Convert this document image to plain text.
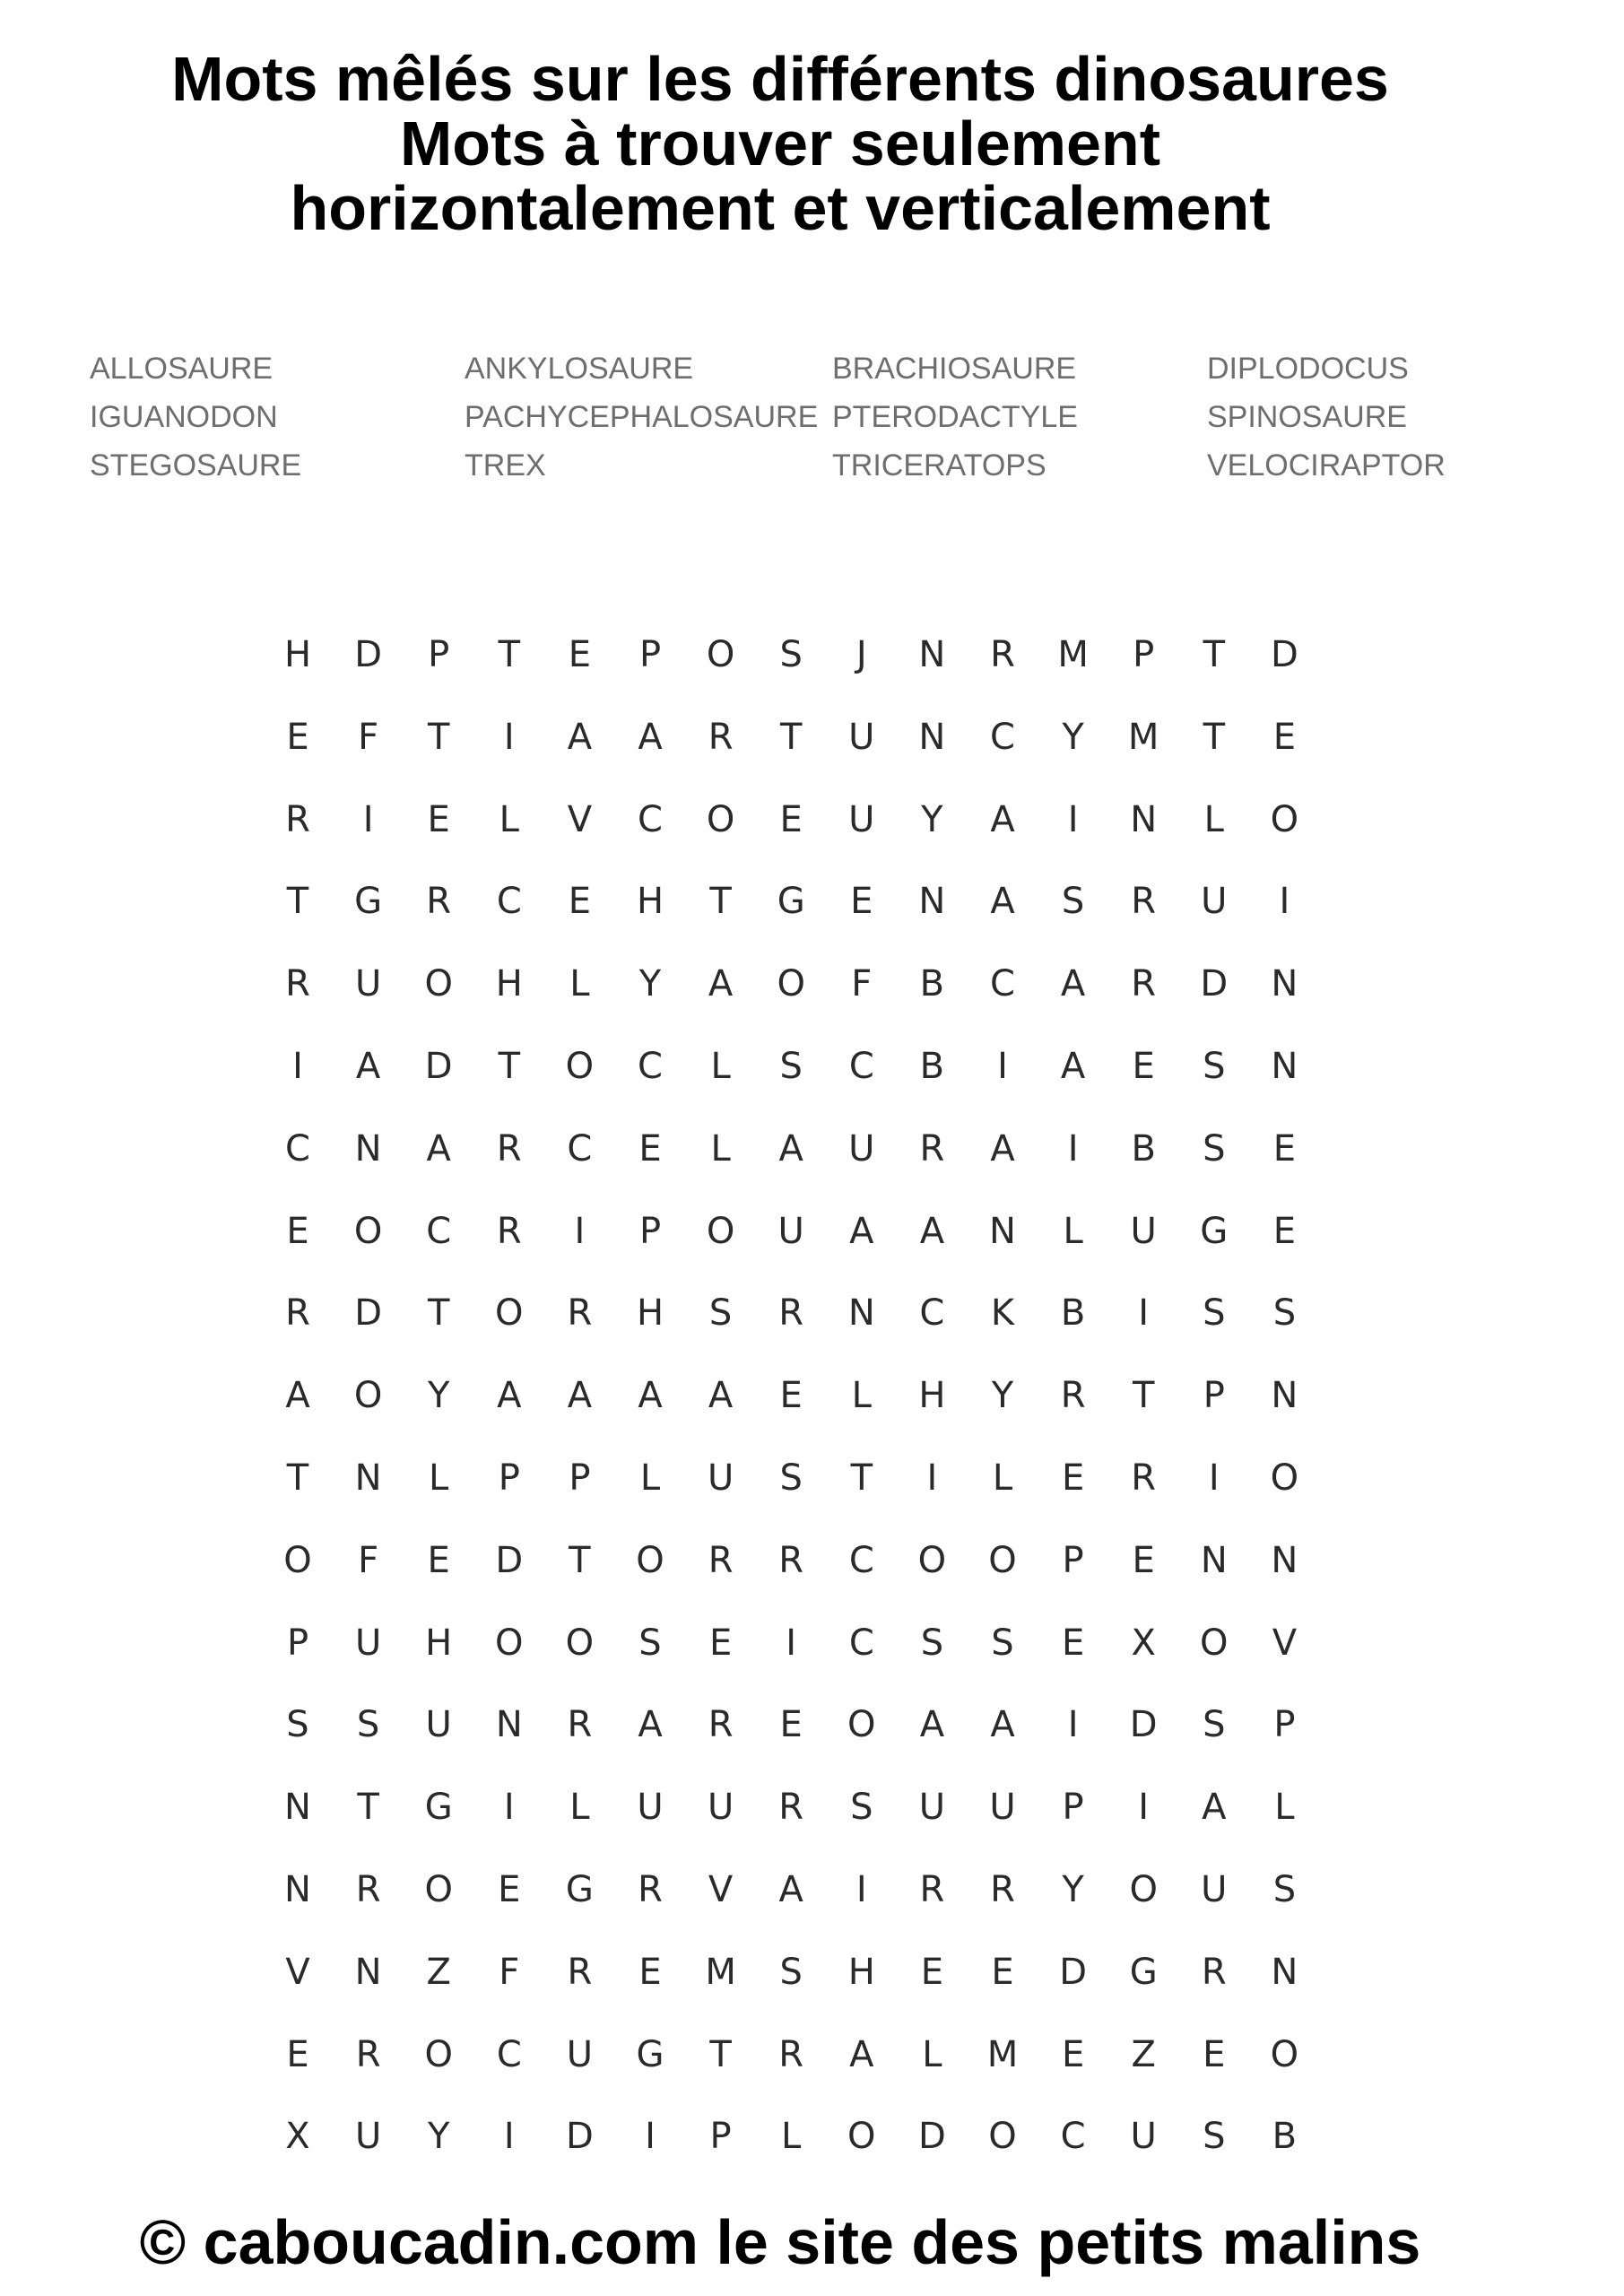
Mots mêlés sur les différents dinosaures
Mots à trouver seulement
horizontalement et verticalement
ALLOSAURE
IGUANODON
STEGOSAURE
ANKYLOSAURE
PACHYCEPHALOSAURE
TREX
BRACHIOSAURE
PTERODACTYLE
TRICERATOPS
DIPLODOCUS
SPINOSAURE
VELOCIRAPTOR
H	D	P	T	E	P	O	S	J	N	R	M	P	T	D
E	F	T	I	A	A	R	T	U	N	C	Y	M	T	E
R	I	E	L	V	C	O	E	U	Y	A	I	N	L	O
T	G	R	C	E	H	T	G	E	N	A	S	R	U	I
R	U	O	H	L	Y	A	O	F	B	C	A	R	D	N
I	A	D	T	O	C	L	S	C	B	I	A	E	S	N
C	N	A	R	C	E	L	A	U	R	A	I	B	S	E
E	O	C	R	I	P	O	U	A	A	N	L	U	G	E
R	D	T	O	R	H	S	R	N	C	K	B	I	S	S
A	O	Y	A	A	A	A	E	L	H	Y	R	T	P	N
T	N	L	P	P	L	U	S	T	I	L	E	R	I	O
O	F	E	D	T	O	R	R	C	O	O	P	E	N	N
P	U	H	O	O	S	E	I	C	S	S	E	X	O	V
S	S	U	N	R	A	R	E	O	A	A	I	D	S	P
N	T	G	I	L	U	U	R	S	U	U	P	I	A	L
N	R	O	E	G	R	V	A	I	R	R	Y	O	U	S
V	N	Z	F	R	E	M	S	H	E	E	D	G	R	N
E	R	O	C	U	G	T	R	A	L	M	E	Z	E	O
X	U	Y	I	D	I	P	L	O	D	O	C	U	S	B
© caboucadin.com le site des petits malins
